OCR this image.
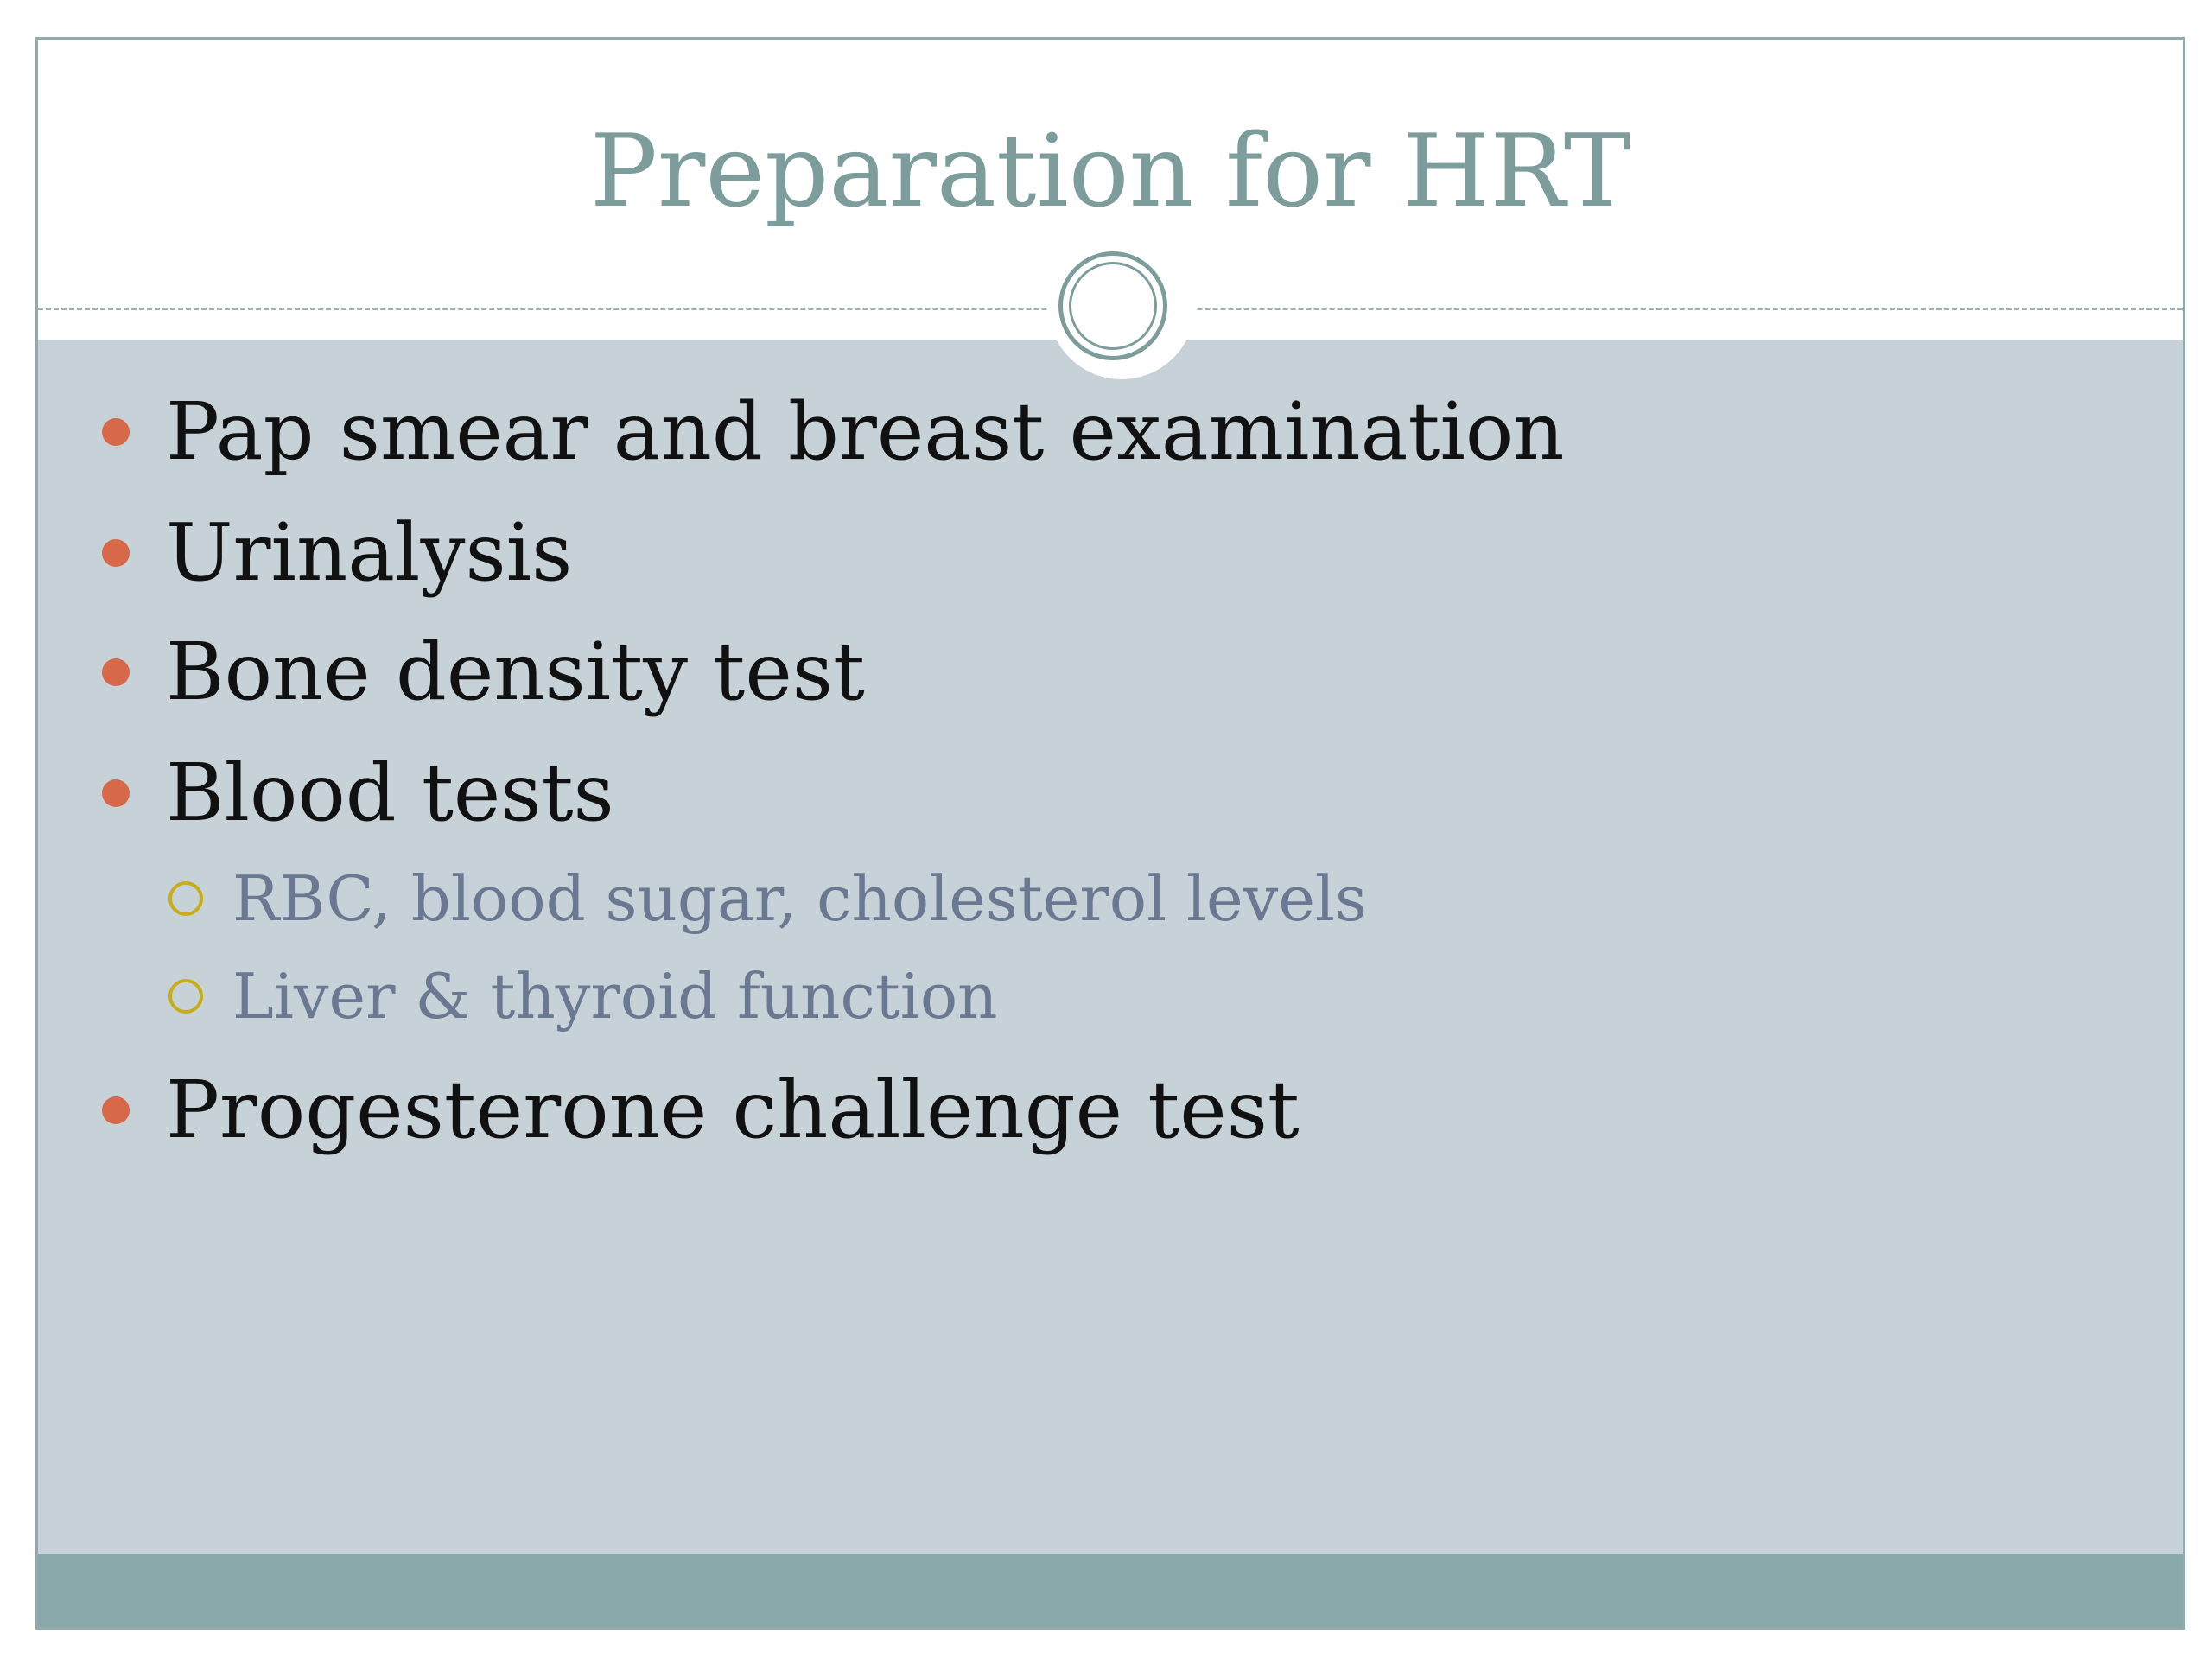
Preparation for HRT
Pap smear and breast examination
Urinalysis
Bone density test
Blood tests
RBC, blood sugar, cholesterol levels
Liver & thyroid function
Progesterone challenge test
